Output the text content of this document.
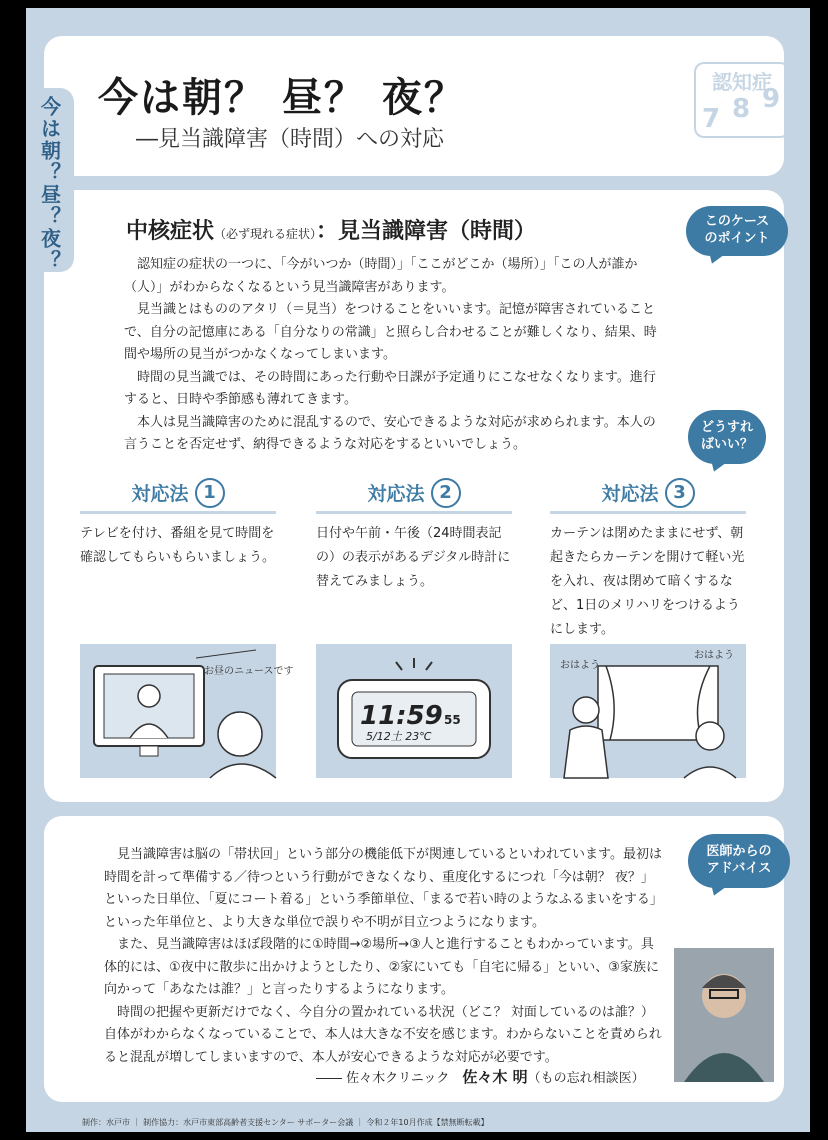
今は朝？昼？夜？ 今は朝？ 昼？ 夜？
―見当識障害（時間）への対応
認知症
7 8 9
中核症状（必ず現れる症状）：見当識障害（時間）	このケースのポイント

認知症の症状の一つに、「今がいつか（時間）」「ここがどこか（場所）」「この人が誰か（人）」がわからなくなるという見当識障害があります。

見当識とはもののアタリ（＝見当）をつけることをいいます。記憶が障害されていることで、自分の記憶庫にある「自分なりの常識」と照らし合わせることが難しくなり、結果、時間や場所の見当がつかなくなってしまいます。

時間の見当識では、その時間にあった行動や日課が予定通りにこなせなくなります。進行すると、日時や季節感も薄れてきます。

本人は見当識障害のために混乱するので、安心できるような対応が求められます。本人の言うことを否定せず、納得できるような対応をするといいでしょう。

どうすればいい？
対応法 1
テレビを付け、番組を見て時間を確認してもらいもらいましょう。
対応法 2
日付や午前・午後（24時間表記の）の表示があるデジタル時計に替えてみましょう。
対応法 3
カーテンは閉めたままにせず、朝起きたらカーテンを開けて軽い光を入れ、夜は閉めて暗くするなど、1日のメリハリをつけるようにします。
お昼のニュースです
11:59 55
5/12土 23℃
おはよう
おはよう
医師からのアドバイス

見当識障害は脳の「帯状回」という部分の機能低下が関連しているといわれています。最初は時間を計って準備する／待つという行動ができなくなり、重度化するにつれ「今は朝？ 夜？」といった日単位、「夏にコート着る」という季節単位、「まるで若い時のようなふるまいをする」といった年単位と、より大きな単位で誤りや不明が目立つようになります。

また、見当識障害はほぼ段階的に①時間→②場所→③人と進行することもわかっています。具体的には、①夜中に散歩に出かけようとしたり、②家にいても「自宅に帰る」といい、③家族に向かって「あなたは誰？」と言ったりするようになります。

時間の把握や更新だけでなく、今自分の置かれている状況（どこ？ 対面しているのは誰？）自体がわからなくなっていることで、本人は大きな不安を感じます。わからないことを責められると混乱が増してしまいますので、本人が安心できるような対応が必要です。

―― 佐々木クリニック　 佐々木 明（もの忘れ相談医）
制作：水戸市 ｜ 制作協力：水戸市東部高齢者支援センター サポーター会議 ｜ 令和２年10月作成【禁無断転載】
